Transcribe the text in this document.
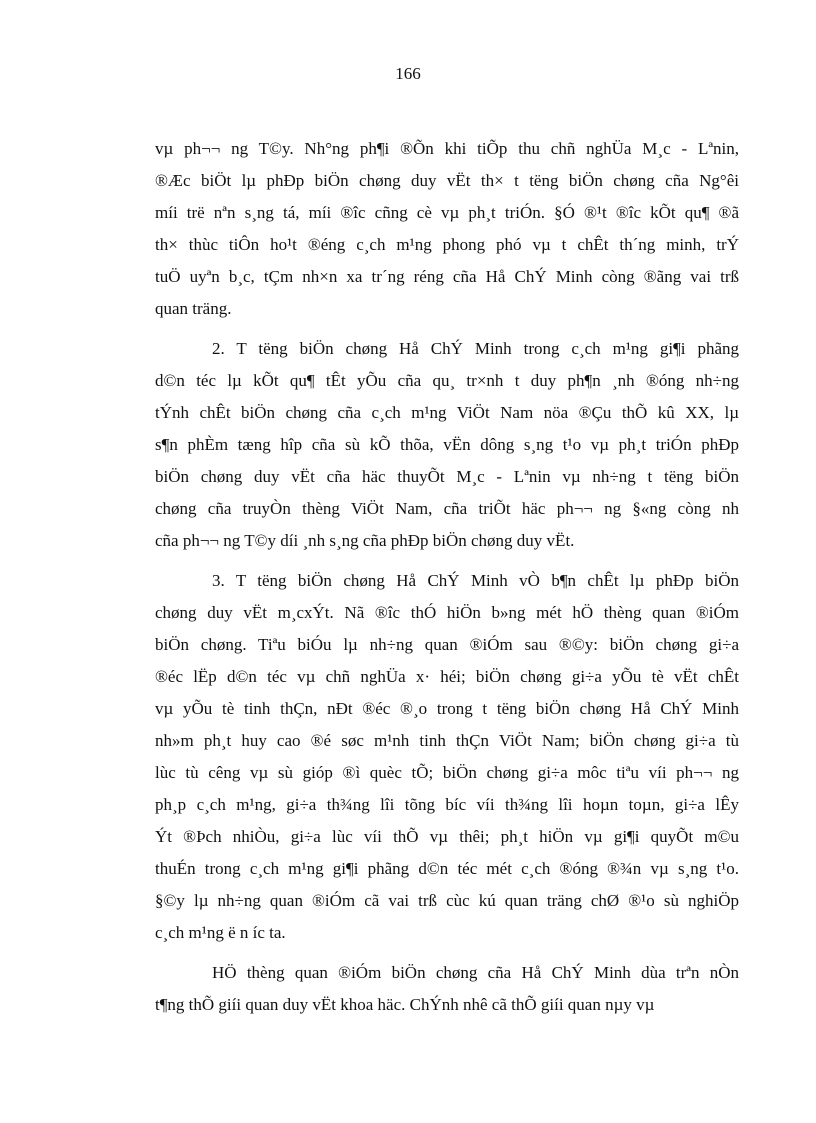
166
vµ ph¬¬ ng T©y. Nh°ng ph¶i ®Õn khi tiÕp thu chñ nghÜa M¸c - Lªnin,
®Æc biÖt lµ phÐp biÖn chøng duy vËt th× t tëng biÖn chøng cña Ng°êi
míi trë nªn s¸ng tá, míi ®îc cñng cè vµ ph¸t triÓn. §Ó ®¹t ®îc kÕt qu¶ ®ã
th× thùc tiÔn ho¹t ®éng c¸ch m¹ng phong phó vµ t chÊt th´ng minh, trÝ
tuÖ uyªn b¸c, tÇm nh×n xa tr´ng réng cña Hå ChÝ Minh còng ®ãng vai trß
quan träng.
2. T tëng biÖn chøng Hå ChÝ Minh trong c¸ch m¹ng gi¶i phãng
d©n téc lµ kÕt qu¶ tÊt yÕu cña qu¸ tr×nh t duy ph¶n ¸nh ®óng nh÷ng
tÝnh chÊt biÖn chøng cña c¸ch m¹ng ViÖt Nam nöa ®Çu thÕ kû XX, lµ
s¶n phÈm tæng hîp cña sù kÕ thõa, vËn dông s¸ng t¹o vµ ph¸t triÓn phÐp
biÖn chøng duy vËt cña häc thuyÕt M¸c - Lªnin vµ nh÷ng t tëng biÖn
chøng cña truyÒn thèng ViÖt Nam, cña triÕt häc ph¬¬ ng §«ng còng nh
cña ph¬¬ ng T©y díi ¸nh s¸ng cña phÐp biÖn chøng duy vËt.
3. T tëng biÖn chøng Hå ChÝ Minh vÒ b¶n chÊt lµ phÐp biÖn
chøng duy vËt m¸cxÝt. Nã ®îc thÓ hiÖn b»ng mét hÖ thèng quan ®iÓm
biÖn chøng. Tiªu biÓu lµ nh÷ng quan ®iÓm sau ®©y: biÖn chøng gi÷a
®éc lËp d©n téc vµ chñ nghÜa x· héi; biÖn chøng gi÷a yÕu tè vËt chÊt
vµ yÕu tè tinh thÇn, nÐt ®éc ®¸o trong t tëng biÖn chøng Hå ChÝ Minh
nh»m ph¸t huy cao ®é søc m¹nh tinh thÇn ViÖt Nam; biÖn chøng gi÷a tù
lùc tù cêng vµ sù gióp ®ì quèc tÕ; biÖn chøng gi÷a môc tiªu víi ph¬¬ ng
ph¸p c¸ch m¹ng, gi÷a th¾ng lîi tõng bíc víi th¾ng lîi hoµn toµn, gi÷a lÊy
Ýt ®Þch nhiÒu, gi÷a lùc víi thÕ vµ thêi; ph¸t hiÖn vµ gi¶i quyÕt m©u
thuÉn trong c¸ch m¹ng gi¶i phãng d©n téc mét c¸ch ®óng ®¾n vµ s¸ng t¹o.
§©y lµ nh÷ng quan ®iÓm cã vai trß cùc kú quan träng chØ ®¹o sù nghiÖp
c¸ch m¹ng ë n íc ta.
HÖ thèng quan ®iÓm biÖn chøng cña Hå ChÝ Minh dùa trªn nÒn
t¶ng thÕ giíi quan duy vËt khoa häc. ChÝnh nhê cã thÕ giíi quan nµy vµ
